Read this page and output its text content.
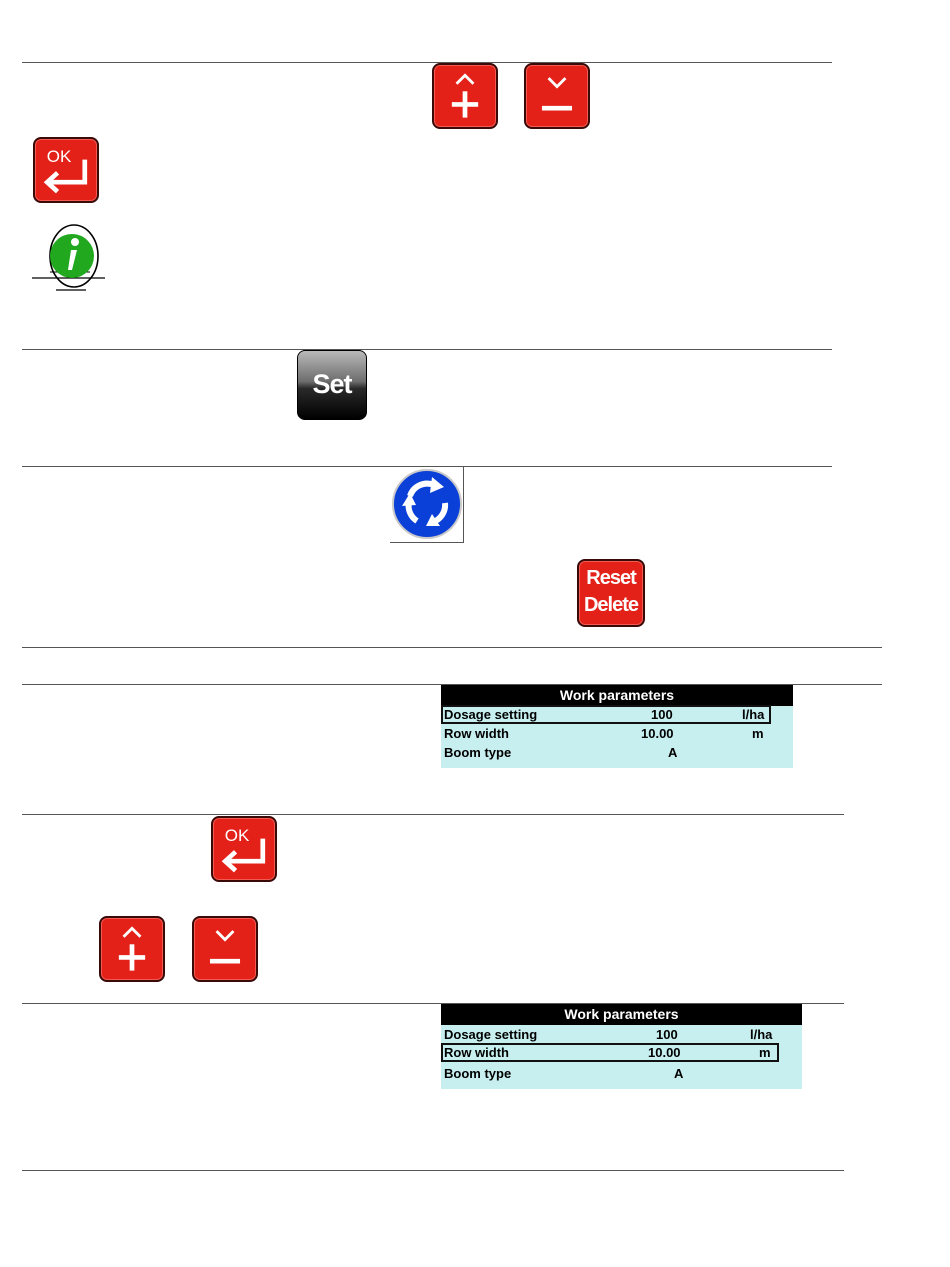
OK
Set
Reset
Delete
Work parameters
Dosage setting	100	l/ha
Row width	10.00	m
Boom type	A
OK
Work parameters
Dosage setting	100	l/ha
Row width	10.00	m
Boom type	A
